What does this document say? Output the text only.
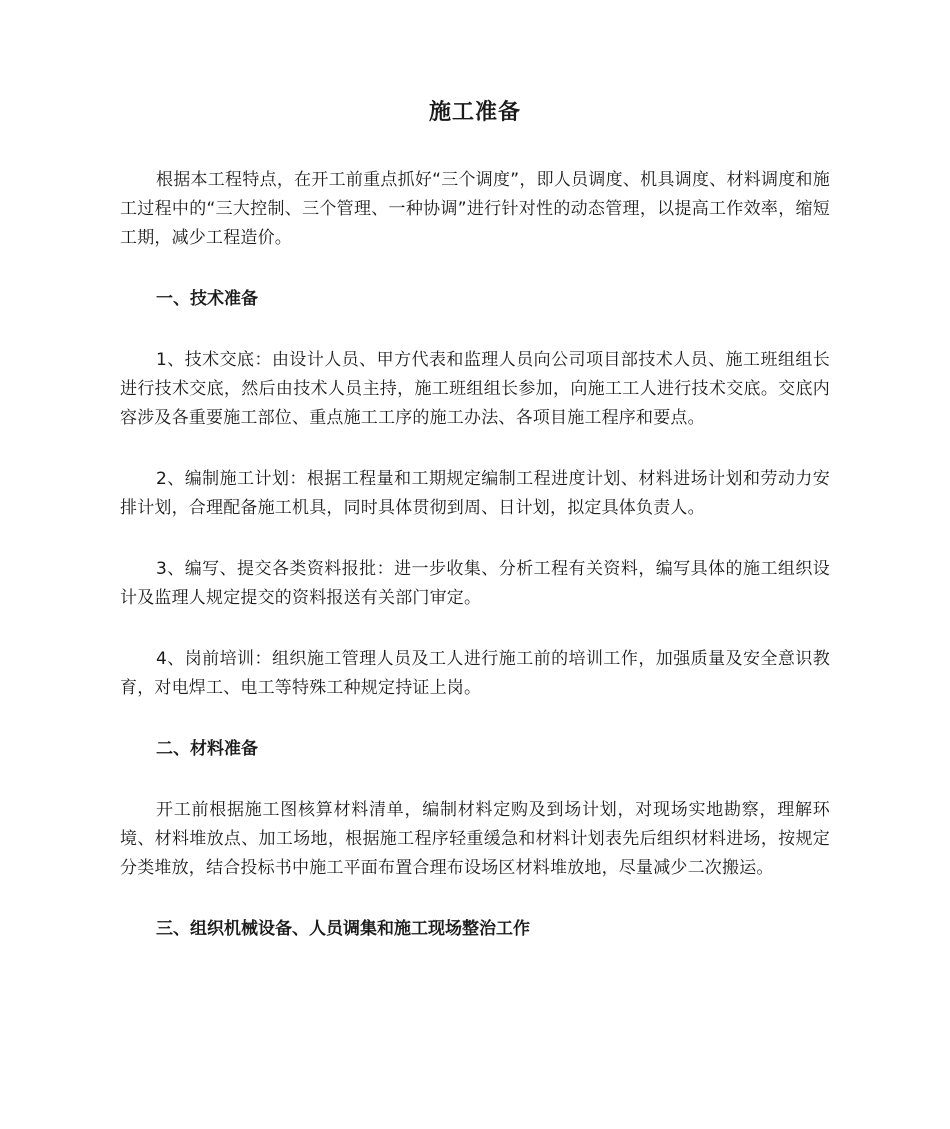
施工准备

根据本工程特点，在开工前重点抓好“三个调度”，即人员调度、机具调度、材料调度和施工过程中的“三大控制、三个管理、一种协调”进行针对性的动态管理，以提高工作效率，缩短工期，减少工程造价。

一、技术准备

1、技术交底：由设计人员、甲方代表和监理人员向公司项目部技术人员、施工班组组长进行技术交底，然后由技术人员主持，施工班组组长参加，向施工工人进行技术交底。交底内容涉及各重要施工部位、重点施工工序的施工办法、各项目施工程序和要点。

2、编制施工计划：根据工程量和工期规定编制工程进度计划、材料进场计划和劳动力安排计划，合理配备施工机具，同时具体贯彻到周、日计划，拟定具体负责人。

3、编写、提交各类资料报批：进一步收集、分析工程有关资料，编写具体的施工组织设计及监理人规定提交的资料报送有关部门审定。

4、岗前培训：组织施工管理人员及工人进行施工前的培训工作，加强质量及安全意识教育，对电焊工、电工等特殊工种规定持证上岗。

二、材料准备

开工前根据施工图核算材料清单，编制材料定购及到场计划，对现场实地勘察，理解环境、材料堆放点、加工场地，根据施工程序轻重缓急和材料计划表先后组织材料进场，按规定分类堆放，结合投标书中施工平面布置合理布设场区材料堆放地，尽量减少二次搬运。

三、组织机械设备、人员调集和施工现场整治工作
